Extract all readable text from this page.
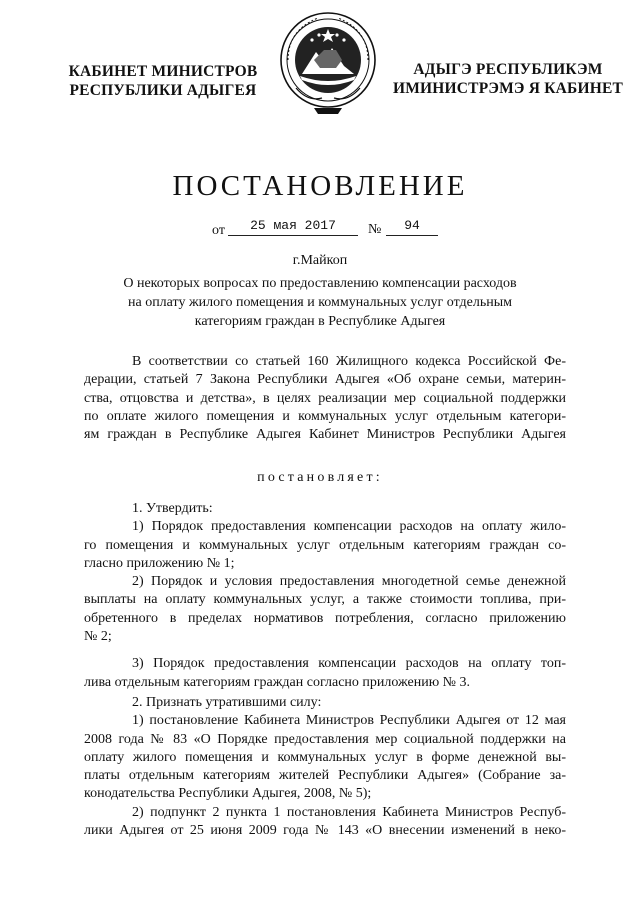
КАБИНЕТ МИНИСТРОВ
РЕСПУБЛИКИ АДЫГЕЯ
АДЫГЭ РЕСПУБЛИКЭМ
ИМИНИСТРЭМЭ Я КАБИНЕТ
ПОСТАНОВЛЕНИЕ
от	25 мая 2017	№	94
г.Майкоп
О некоторых вопросах по предоставлению компенсации расходов
на оплату жилого помещения и коммунальных услуг отдельным
категориям граждан в Республике Адыгея
В соответствии со статьей 160 Жилищного кодекса Российской Фе-
дерации, статьей 7 Закона Республики Адыгея «Об охране семьи, материн-
ства, отцовства и детства», в целях реализации мер социальной поддержки
по оплате жилого помещения и коммунальных услуг отдельным категори-
ям граждан в Республике Адыгея Кабинет Министров Республики Адыгея
постановляет:
1. Утвердить:
1) Порядок предоставления компенсации расходов на оплату жило-
го помещения и коммунальных услуг отдельным категориям граждан со-
гласно приложению № 1;
2) Порядок и условия предоставления многодетной семье денежной
выплаты на оплату коммунальных услуг, а также стоимости топлива, при-
обретенного в пределах нормативов потребления, согласно приложению
№ 2;
3) Порядок предоставления компенсации расходов на оплату топ-
лива отдельным категориям граждан согласно приложению № 3.
2. Признать утратившими силу:
1) постановление Кабинета Министров Республики Адыгея от 12 мая
2008 года № 83 «О Порядке предоставления мер социальной поддержки на
оплату жилого помещения и коммунальных услуг в форме денежной вы-
платы отдельным категориям жителей Республики Адыгея» (Собрание за-
конодательства Республики Адыгея, 2008, № 5);
2) подпункт 2 пункта 1 постановления Кабинета Министров Респуб-
лики Адыгея от 25 июня 2009 года № 143 «О внесении изменений в неко-
